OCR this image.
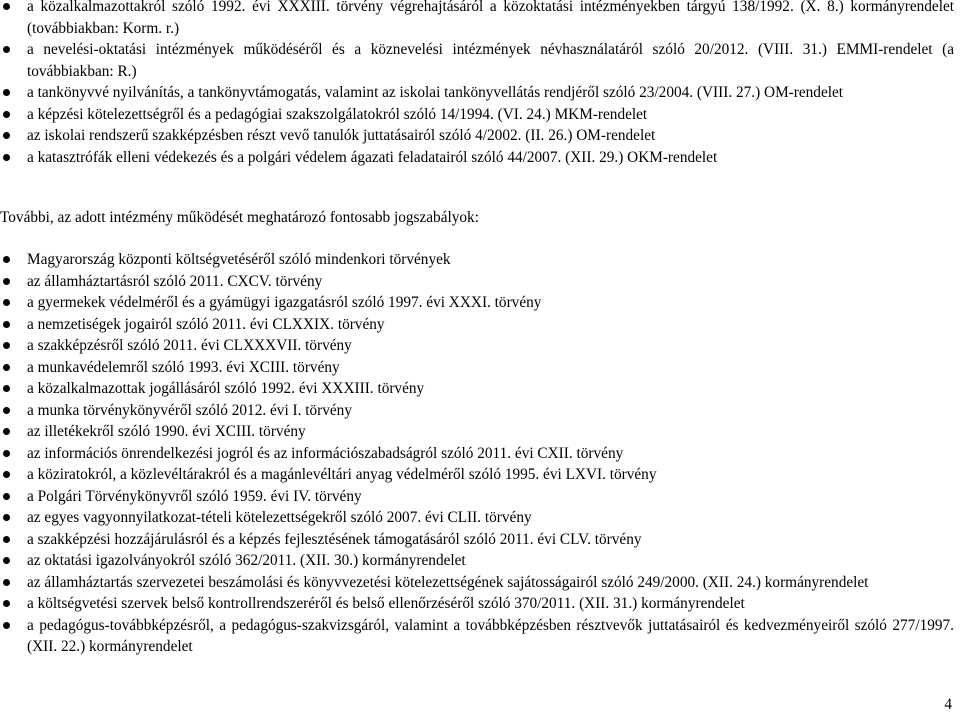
a közalkalmazottakról szóló 1992. évi XXXIII. törvény végrehajtásáról a közoktatási intézményekben tárgyú 138/1992. (X. 8.) kormányrendelet (továbbiakban: Korm. r.)
a nevelési-oktatási intézmények működéséről és a köznevelési intézmények névhasználatáról szóló 20/2012. (VIII. 31.) EMMI-rendelet (a továbbiakban: R.)
a tankönyvvé nyilvánítás, a tankönyvtámogatás, valamint az iskolai tankönyvellátás rendjéről szóló 23/2004. (VIII. 27.) OM-rendelet
a képzési kötelezettségről és a pedagógiai szakszolgálatokról szóló 14/1994. (VI. 24.) MKM-rendelet
az iskolai rendszerű szakképzésben részt vevő tanulók juttatásairól szóló 4/2002. (II. 26.) OM-rendelet
a katasztrófák elleni védekezés és a polgári védelem ágazati feladatairól szóló 44/2007. (XII. 29.) OKM-rendelet

További, az adott intézmény működését meghatározó fontosabb jogszabályok:

Magyarország központi költségvetéséről szóló mindenkori törvények
az államháztartásról szóló 2011. CXCV. törvény
a gyermekek védelméről és a gyámügyi igazgatásról szóló 1997. évi XXXI. törvény
a nemzetiségek jogairól szóló 2011. évi CLXXIX. törvény
a szakképzésről szóló 2011. évi CLXXXVII. törvény
a munkavédelemről szóló 1993. évi XCIII. törvény
a közalkalmazottak jogállásáról szóló 1992. évi XXXIII. törvény
a munka törvénykönyvéről szóló 2012. évi I. törvény
az illetékekről szóló 1990. évi XCIII. törvény
az információs önrendelkezési jogról és az információszabadságról szóló 2011. évi CXII. törvény
a köziratokról, a közlevéltárakról és a magánlevéltári anyag védelméről szóló 1995. évi LXVI. törvény
a Polgári Törvénykönyvről szóló 1959. évi IV. törvény
az egyes vagyonnyilatkozat-tételi kötelezettségekről szóló 2007. évi CLII. törvény
a szakképzési hozzájárulásról és a képzés fejlesztésének támogatásáról szóló 2011. évi CLV. törvény
az oktatási igazolványokról szóló 362/2011. (XII. 30.) kormányrendelet
az államháztartás szervezetei beszámolási és könyvvezetési kötelezettségének sajátosságairól szóló 249/2000. (XII. 24.) kormányrendelet
a költségvetési szervek belső kontrollrendszeréről és belső ellenőrzéséről szóló 370/2011. (XII. 31.) kormányrendelet
a pedagógus-továbbképzésről, a pedagógus-szakvizsgáról, valamint a továbbképzésben résztvevők juttatásairól és kedvezményeiről szóló 277/1997. (XII. 22.) kormányrendelet
4
